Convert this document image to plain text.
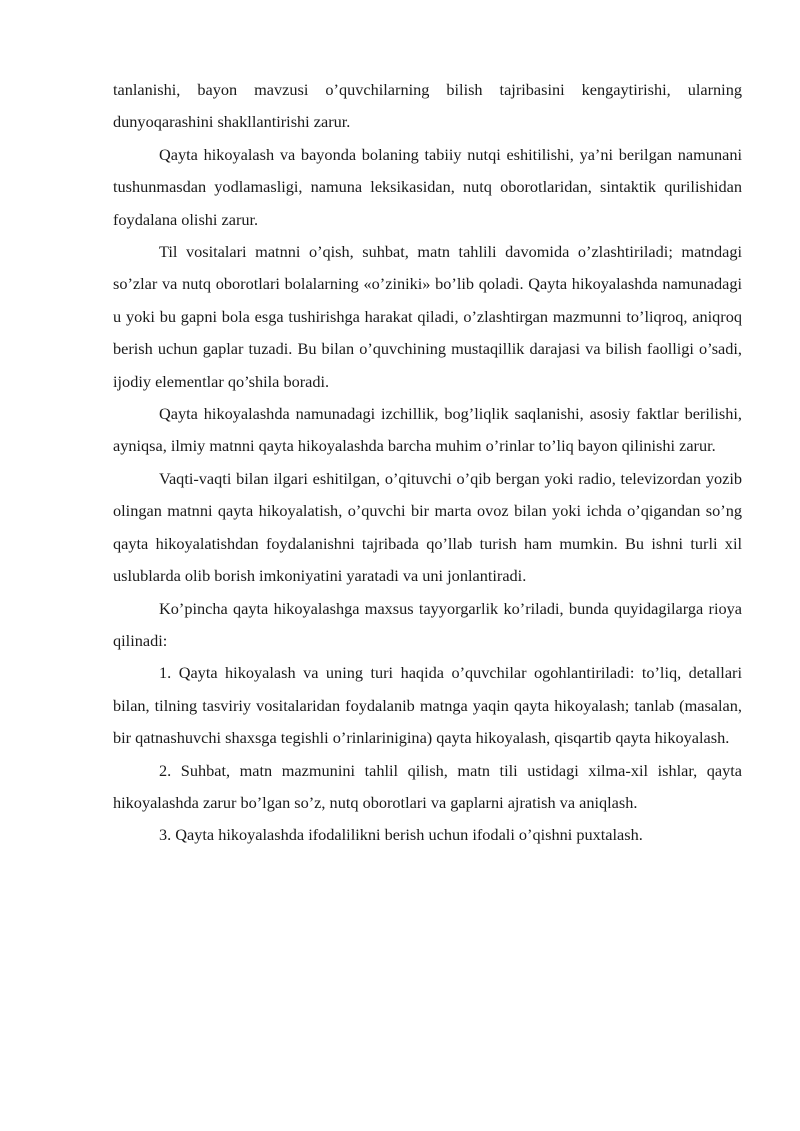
tanlanishi, bayon mavzusi o’quvchilarning bilish tajribasini kengaytirishi, ularning dunyoqarashini shakllantirishi zarur.

Qayta hikoyalash va bayonda bolaning tabiiy nutqi eshitilishi, ya’ni berilgan namunani tushunmasdan yodlamasligi, namuna leksikasidan, nutq oborotlaridan, sintaktik qurilishidan foydalana olishi zarur.

Til vositalari matnni o’qish, suhbat, matn tahlili davomida o’zlashtiriladi; matndagi so’zlar va nutq oborotlari bolalarning «o’ziniki» bo’lib qoladi. Qayta hikoyalashda namunadagi u yoki bu gapni bola esga tushirishga harakat qiladi, o’zlashtirgan mazmunni to’liqroq, aniqroq berish uchun gaplar tuzadi. Bu bilan o’quvchining mustaqillik darajasi va bilish faolligi o’sadi, ijodiy elementlar qo’shila boradi.

Qayta hikoyalashda namunadagi izchillik, bog’liqlik saqlanishi, asosiy faktlar berilishi, ayniqsa, ilmiy matnni qayta hikoyalashda barcha muhim o’rinlar to’liq bayon qilinishi zarur.

Vaqti-vaqti bilan ilgari eshitilgan, o’qituvchi o’qib bergan yoki radio, televizordan yozib olingan matnni qayta hikoyalatish, o’quvchi bir marta ovoz bilan yoki ichda o’qigandan so’ng qayta hikoyalatishdan foydalanishni tajribada qo’llab turish ham mumkin. Bu ishni turli xil uslublarda olib borish imkoniyatini yaratadi va uni jonlantiradi.

Ko’pincha qayta hikoyalashga maxsus tayyorgarlik ko’riladi, bunda quyidagilarga rioya qilinadi:

1. Qayta hikoyalash va uning turi haqida o’quvchilar ogohlantiriladi: to’liq, detallari bilan, tilning tasviriy vositalaridan foydalanib matnga yaqin qayta hikoyalash; tanlab (masalan, bir qatnashuvchi shaxsga tegishli o’rinlarinigina) qayta hikoyalash, qisqartib qayta hikoyalash.

2. Suhbat, matn mazmunini tahlil qilish, matn tili ustidagi xilma-xil ishlar, qayta hikoyalashda zarur bo’lgan so’z, nutq oborotlari va gaplarni ajratish va aniqlash.

3. Qayta hikoyalashda ifodalilikni berish uchun ifodali o’qishni puxtalash.
